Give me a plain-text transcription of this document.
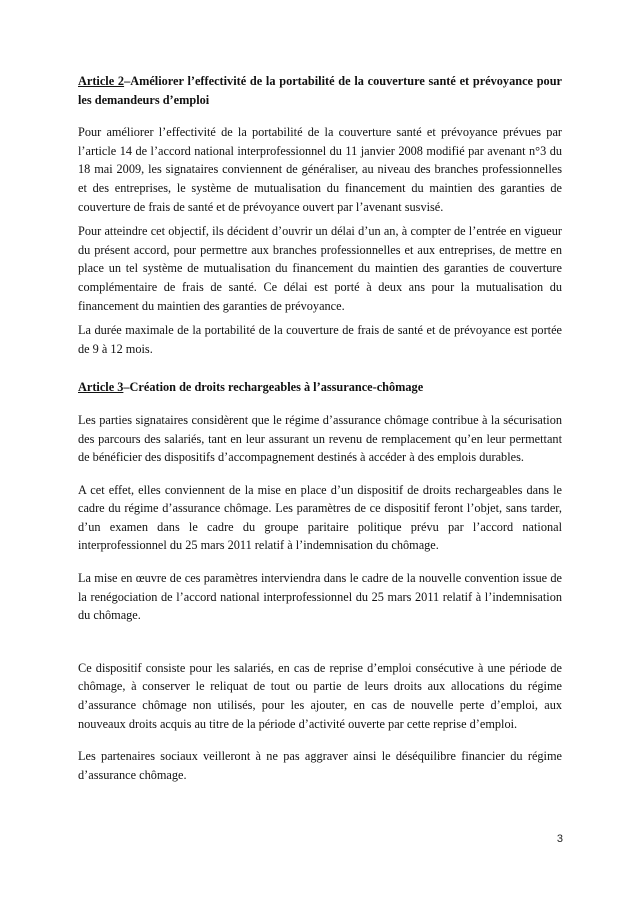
Article 2–Améliorer l’effectivité de la portabilité de la couverture santé et prévoyance pour les demandeurs d’emploi

Pour améliorer l’effectivité de la portabilité de la couverture santé et prévoyance prévues par l’article 14 de l’accord national interprofessionnel du 11 janvier 2008 modifié par avenant n°3 du 18 mai 2009, les signataires conviennent de généraliser, au niveau des branches professionnelles et des entreprises, le système de mutualisation du financement du maintien des garanties de couverture de frais de santé et de prévoyance ouvert par l’avenant susvisé.

Pour atteindre cet objectif, ils décident d’ouvrir un délai d’un an, à compter de l’entrée en vigueur du présent accord, pour permettre aux branches professionnelles et aux entreprises, de mettre en place un tel système de mutualisation du financement du maintien des garanties de couverture complémentaire de frais de santé. Ce délai est porté à deux ans pour la mutualisation du financement du maintien des garanties de prévoyance.

La durée maximale de la portabilité de la couverture de frais de santé et de prévoyance est portée de 9 à 12 mois.

Article 3–Création de droits rechargeables à l’assurance-chômage

Les parties signataires considèrent que le régime d’assurance chômage contribue à la sécurisation des parcours des salariés, tant en leur assurant un revenu de remplacement qu’en leur permettant de bénéficier des dispositifs d’accompagnement destinés à accéder à des emplois durables.

A cet effet, elles conviennent de la mise en place d’un dispositif de droits rechargeables dans le cadre du régime d’assurance chômage. Les paramètres de ce dispositif feront l’objet, sans tarder, d’un examen dans le cadre du groupe paritaire politique prévu par l’accord national interprofessionnel du 25 mars 2011 relatif à l’indemnisation du chômage.

La mise en œuvre de ces paramètres interviendra dans le cadre de la nouvelle convention issue de la renégociation de l’accord national interprofessionnel du 25 mars 2011 relatif à l’indemnisation du chômage.

Ce dispositif consiste pour les salariés, en cas de reprise d’emploi consécutive à une période de chômage, à conserver le reliquat de tout ou partie de leurs droits aux allocations du régime d’assurance chômage non utilisés, pour les ajouter, en cas de nouvelle perte d’emploi, aux nouveaux droits acquis au titre de la période d’activité ouverte par cette reprise d’emploi.

Les partenaires sociaux veilleront à ne pas aggraver ainsi le déséquilibre financier du régime d’assurance chômage.

3
